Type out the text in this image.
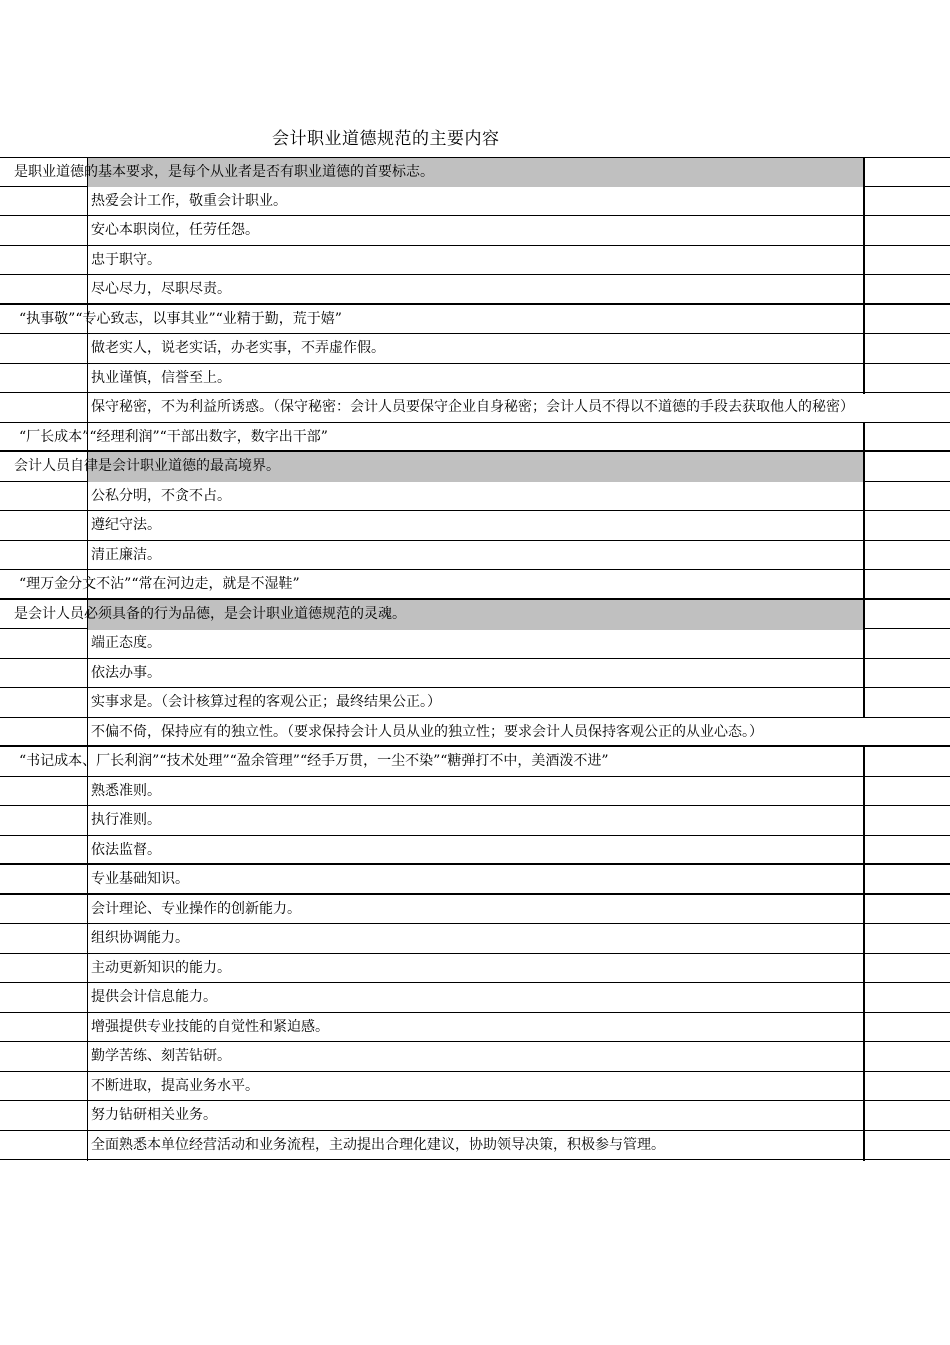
会计职业道德规范的主要内容
是职业道德的基本要求，是每个从业者是否有职业道德的首要标志。
热爱会计工作，敬重会计职业。
安心本职岗位，任劳任怨。
忠于职守。
尽心尽力，尽职尽责。
“执事敬”“专心致志，以事其业”“业精于勤，荒于嬉”
做老实人，说老实话，办老实事，不弄虚作假。
执业谨慎，信誉至上。
保守秘密，不为利益所诱惑。（保守秘密：会计人员要保守企业自身秘密；会计人员不得以不道德的手段去获取他人的秘密）
“厂长成本”“经理利润”“干部出数字，数字出干部”
会计人员自律是会计职业道德的最高境界。
公私分明，不贪不占。
遵纪守法。
清正廉洁。
“理万金分文不沾”“常在河边走，就是不湿鞋”
是会计人员必须具备的行为品德，是会计职业道德规范的灵魂。
端正态度。
依法办事。
实事求是。（会计核算过程的客观公正；最终结果公正。）
不偏不倚，保持应有的独立性。（要求保持会计人员从业的独立性；要求会计人员保持客观公正的从业心态。）
“书记成本、厂长利润”“技术处理”“盈余管理”“经手万贯，一尘不染”“糖弹打不中，美酒泼不进”
熟悉准则。
执行准则。
依法监督。
专业基础知识。
会计理论、专业操作的创新能力。
组织协调能力。
主动更新知识的能力。
提供会计信息能力。
增强提供专业技能的自觉性和紧迫感。
勤学苦练、刻苦钻研。
不断进取，提高业务水平。
努力钻研相关业务。
全面熟悉本单位经营活动和业务流程，主动提出合理化建议，协助领导决策，积极参与管理。
